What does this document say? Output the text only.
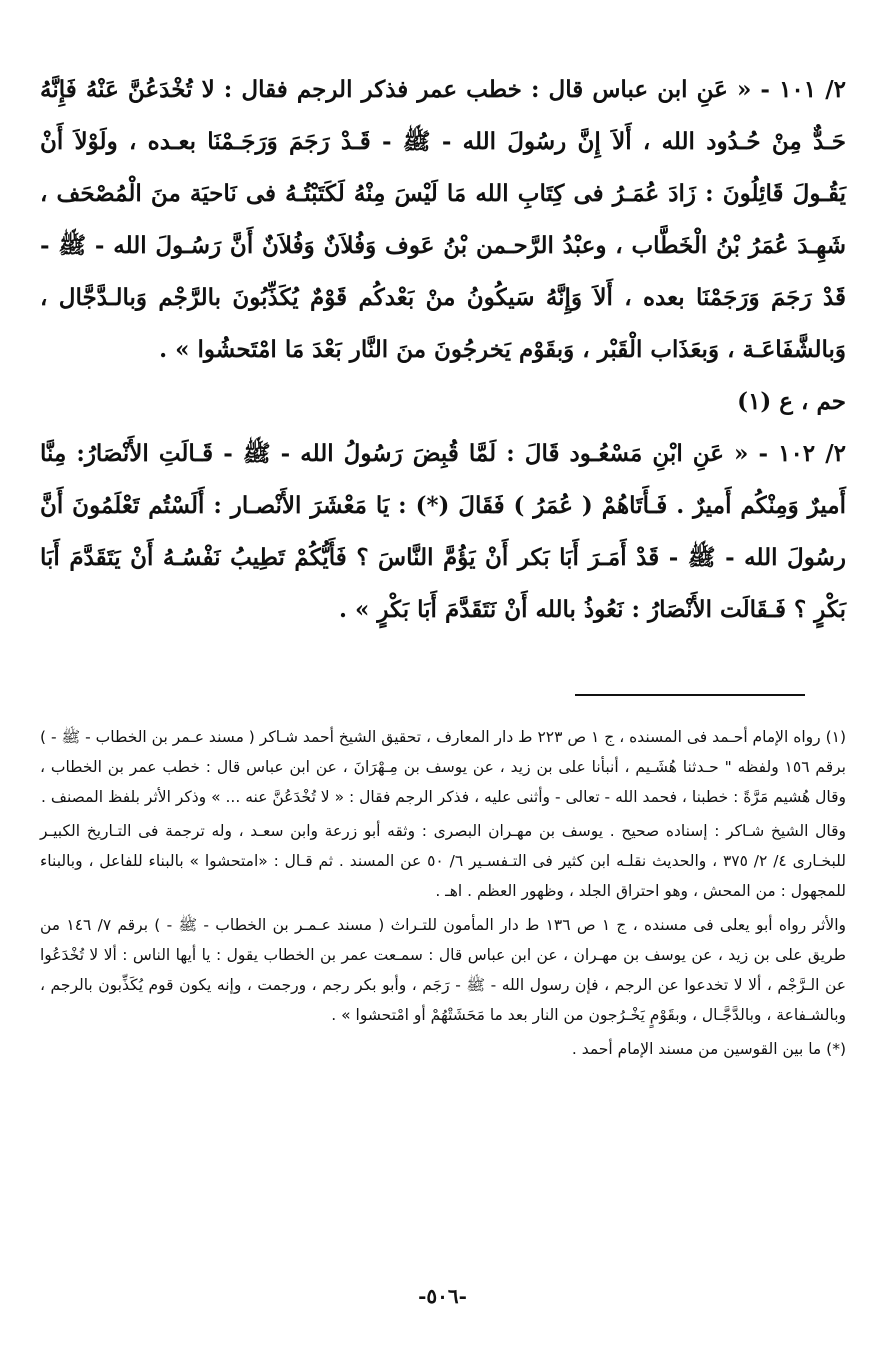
٢/ ١٠١ - « عَنِ ابن عباس قال : خطب عمر فذكر الرجم فقال : لا تُخْدَعُنَّ عَنْهُ فَإِنَّهُ حَـدٌّ مِنْ حُـدُود الله ، أَلاَ إِنَّ رسُولَ الله - ﷺ - قَـدْ رَجَمَ وَرَجَـمْنَا بعـده ، ولَوْلاَ أَنْ يَقُـولَ قَائِلُونَ : زَادَ عُمَـرُ فى كِتَابِ الله مَا لَيْسَ مِنْهُ لَكَتَبْتُـهُ فى نَاحيَة منَ الْمُصْحَف ، شَهِـدَ عُمَرُ بْنُ الْخَطَّاب ، وعبْدُ الرَّحـمن بْنُ عَوف وَفُلاَنٌ وَفُلاَنٌ أَنَّ رَسُـولَ الله - ﷺ - قَدْ رَجَمَ وَرَجَمْنَا بعده ، أَلاَ وَإِنَّهُ سَيكُونُ منْ بَعْدكُم قَوْمٌ يُكَذِّبُونَ بالرَّجْم وَبالـدَّجَّال ، وَبالشَّفَاعَـة ، وَبعَذَاب الْقَبْر ، وَبقَوْم يَخرجُونَ منَ النَّار بَعْدَ مَا امْتَحشُوا » .

حم ، ع (١)

٢/ ١٠٢ - « عَنِ ابْنِ مَسْعُـود قَالَ : لَمَّا قُبِضَ رَسُولُ الله - ﷺ - قَـالَتِ الأَنْصَارُ: مِنَّا أَميرٌ وَمِنْكُم أَميرٌ . فَـأَتَاهُمْ ( عُمَرُ ) فَقَالَ (*) : يَا مَعْشَرَ الأَنْصـار : أَلَسْتُم تَعْلَمُونَ أَنَّ رسُولَ الله - ﷺ - قَدْ أَمَـرَ أَبَا بَكر أَنْ يَؤُمَّ النَّاسَ ؟ فَأَيُّكُمْ تَطِيبُ نَفْسُـهُ أَنْ يَتَقَدَّمَ أَبَا بَكْرٍ ؟ فَـقَالَت الأَنْصَارُ : نَعُوذُ بالله أَنْ نَتَقَدَّمَ أَبَا بَكْرٍ » .

(١) رواه الإمام أحـمد فى المسنده ، ج ١ ص ٢٢٣ ط دار المعارف ، تحقيق الشيخ أحمد شـاكر ( مسند عـمر بن الخطاب - ﷺ - ) برقم ١٥٦ ولفظه " حـدثنا هُشَـيم ، أنبأنا على بن زيد ، عن يوسف بن مِـهْرَانَ ، عن ابن عباس قال : خطب عمر بن الخطاب ، وقال هُشيم مَرَّةً : خطبنا ، فحمد الله - تعالى - وأثنى عليه ، فذكر الرجم فقال : « لا تُخْدَعُنَّ عنه ... » وذكر الأثر بلفظ المصنف .

وقال الشيخ شـاكر : إسناده صحيح . يوسف بن مهـران البصرى : وثقه أبو زرعة وابن سعـد ، وله ترجمة فى التـاريخ الكبيـر للبخـارى ٤/ ٢/ ٣٧٥ ، والحديث نقلـه ابن كثير فى التـفسـير ٦/ ٥٠ عن المسند . ثم قـال : «امتحشوا » بالبناء للفاعل ، وبالبناء للمجهول : من المحش ، وهو احتراق الجلد ، وظهور العظم . اهـ .

والأثر رواه أبو يعلى فى مسنده ، ج ١ ص ١٣٦ ط دار المأمون للتـراث ( مسند عـمـر بن الخطاب - ﷺ - ) برقم ٧/ ١٤٦ من طريق على بن زيد ، عن يوسف بن مهـران ، عن ابن عباس قال : سمـعت عمر بن الخطاب يقول : يا أيها الناس : ألا لا تُخْدَعُوا عن الـرَّجْم ، ألا لا تخدعوا عن الرجم ، فإن رسول الله - ﷺ - رَجَم ، وأبو بكر رجم ، ورجمت ، وإنه يكون قوم يُكَذِّبون بالرجم ، وبالشـفاعة ، وبالدَّجَّـال ، وبقَوْمٍ يَخْـرُجون من النار بعد ما مَحَشَتْهُمْ أو امْتحشوا » .

(*) ما بين القوسين من مسند الإمام أحمد .

-٥٠٦-
